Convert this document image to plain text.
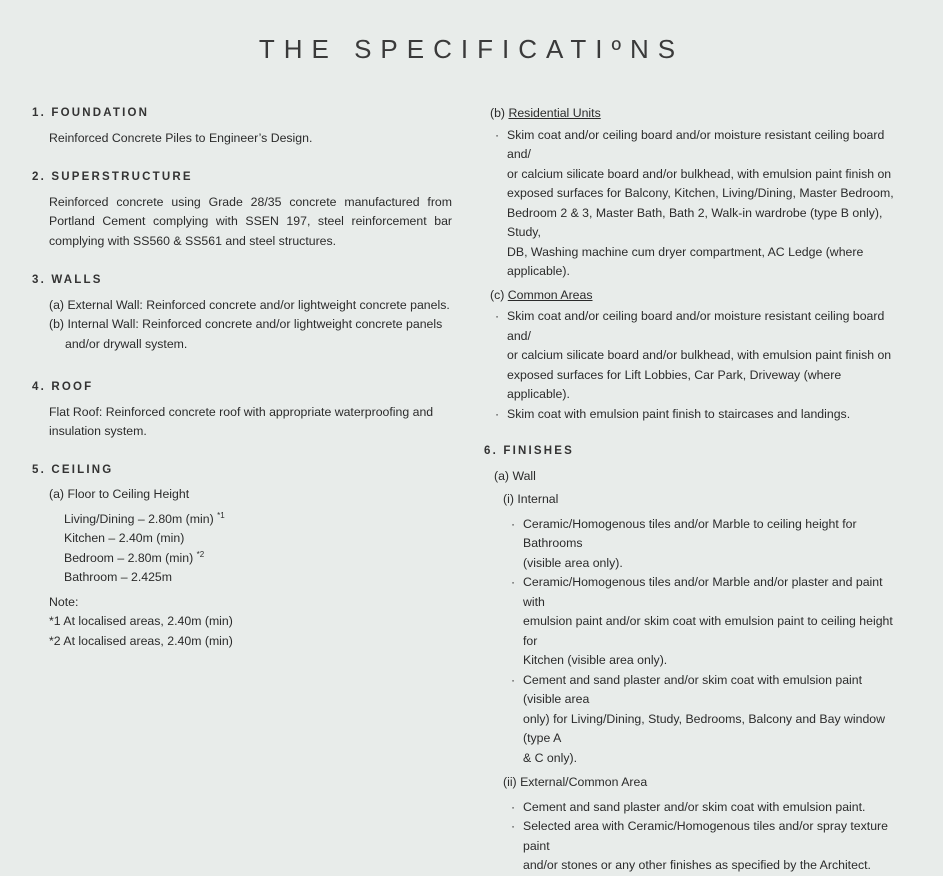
THE SPECIFICATIºNS
1. FOUNDATION
Reinforced Concrete Piles to Engineer’s Design.
2. SUPERSTRUCTURE
Reinforced concrete using Grade 28/35 concrete manufactured from Portland Cement complying with SSEN 197, steel reinforcement bar complying with SS560 & SS561 and steel structures.
3. WALLS
(a) External Wall: Reinforced concrete and/or lightweight concrete panels.
(b) Internal Wall: Reinforced concrete and/or lightweight concrete panels
and/or drywall system.
4. ROOF
Flat Roof: Reinforced concrete roof with appropriate waterproofing and
insulation system.
5. CEILING
(a) Floor to Ceiling Height
Living/Dining – 2.80m (min) $^{*1}$
Kitchen – 2.40m (min)
Bedroom – 2.80m (min) $^{*2}$
Bathroom – 2.425m
Note:
*1 At localised areas, 2.40m (min)
*2 At localised areas, 2.40m (min)
(b) Residential Units
· Skim coat and/or ceiling board and/or moisture resistant ceiling board and/
or calcium silicate board and/or bulkhead, with emulsion paint finish on
exposed surfaces for Balcony, Kitchen, Living/Dining, Master Bedroom,
Bedroom 2 & 3, Master Bath, Bath 2, Walk-in wardrobe (type B only), Study,
DB, Washing machine cum dryer compartment, AC Ledge (where applicable).
(c) Common Areas
· Skim coat and/or ceiling board and/or moisture resistant ceiling board and/
or calcium silicate board and/or bulkhead, with emulsion paint finish on
exposed surfaces for Lift Lobbies, Car Park, Driveway (where applicable).
· Skim coat with emulsion paint finish to staircases and landings.
6. FINISHES
(a) Wall
(i) Internal
· Ceramic/Homogenous tiles and/or Marble to ceiling height for Bathrooms
(visible area only).
· Ceramic/Homogenous tiles and/or Marble and/or plaster and paint with
emulsion paint and/or skim coat with emulsion paint to ceiling height for
Kitchen (visible area only).
· Cement and sand plaster and/or skim coat with emulsion paint (visible area
only) for Living/Dining, Study, Bedrooms, Balcony and Bay window (type A
& C only).
(ii) External/Common Area
· Cement and sand plaster and/or skim coat with emulsion paint.
· Selected area with Ceramic/Homogenous tiles and/or spray texture paint
and/or stones or any other finishes as specified by the Architect.
